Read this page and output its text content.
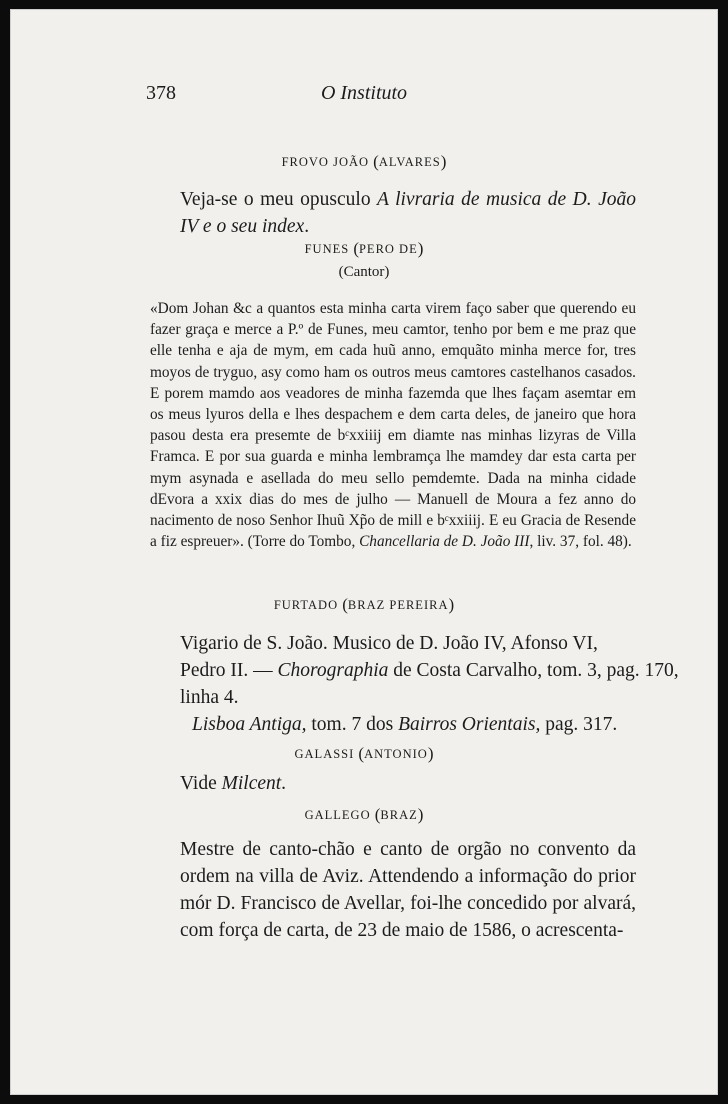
378	O Instituto
FROVO JOÃO (ALVARES)

Veja-se o meu opusculo A livraria de musica de D. João IV e o seu index.

FUNES (PERO DE)
(Cantor)

«Dom Johan &c a quantos esta minha carta virem faço saber que querendo eu fazer graça e merce a P.º de Funes, meu camtor, tenho por bem e me praz que elle tenha e aja de mym, em cada huũ anno, emquãto minha merce for, tres moyos de tryguo, asy como ham os outros meus camtores castelhanos casados. E porem mamdo aos veadores de minha fazemda que lhes façam asemtar em os meus lyuros della e lhes despachem e dem carta deles, de janeiro que hora pasou desta era presemte de bᶜxxiiij em diamte nas minhas lizyras de Villa Framca. E por sua guarda e minha lembramça lhe mamdey dar esta carta per mym asynada e asellada do meu sello pemdemte. Dada na minha cidade dEvora a xxix dias do mes de julho — Manuell de Moura a fez anno do nacimento de noso Senhor Ihuũ Xp̃o de mill e bᶜxxiiij. E eu Gracia de Resende a fiz espreuer». (Torre do Tombo, Chancellaria de D. João III, liv. 37, fol. 48).

FURTADO (BRAZ PEREIRA)
Vigario de S. João. Musico de D. João IV, Afonso VI,
Pedro II. — Chorographia de Costa Carvalho, tom. 3, pag. 170,
linha 4.
Lisboa Antiga, tom. 7 dos Bairros Orientais, pag. 317.
GALASSI (ANTONIO)

Vide Milcent.

GALLEGO (BRAZ)

Mestre de canto-chão e canto de orgão no convento da ordem na villa de Aviz. Attendendo a informação do prior mór D. Francisco de Avellar, foi-lhe concedido por alvará, com força de carta, de 23 de maio de 1586, o acrescenta-
